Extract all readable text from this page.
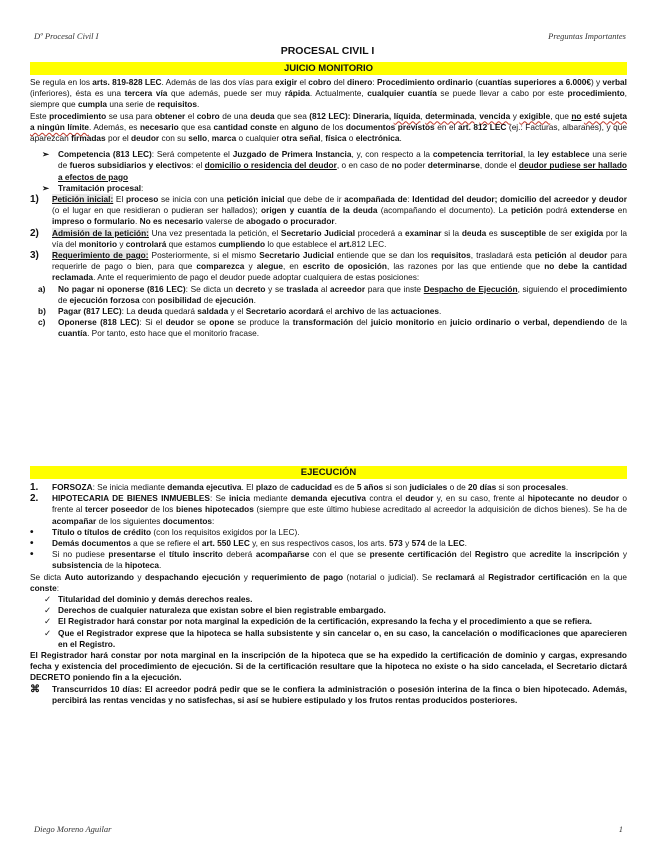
Dº Procesal Civil I	Preguntas Importantes
PROCESAL CIVIL I
JUICIO MONITORIO

Se regula en los arts. 819-828 LEC. Además de las dos vías para exigir el cobro del dinero: Procedimiento ordinario (cuantías superiores a 6.000€) y verbal (inferiores), ésta es una tercera vía que además, puede ser muy rápida. Actualmente, cualquier cuantía se puede llevar a cabo por este procedimiento, siempre que cumpla una serie de requisitos.

Este procedimiento se usa para obtener el cobro de una deuda que sea (812 LEC): Dineraria, líquida, determinada, vencida y exigible, que no esté sujeta a ningún límite. Además, es necesario que esa cantidad conste en alguno de los documentos previstos en el art. 812 LEC (ej.: Facturas, albaranes), y que aparezcan firmadas por el deudor con su sello, marca o cualquier otra señal, física o electrónica.

➢ Competencia (813 LEC): Será competente el Juzgado de Primera Instancia, y, con respecto a la competencia territorial, la ley establece una serie de fueros subsidiarios y electivos: el domicilio o residencia del deudor, o en caso de no poder determinarse, donde el deudor pudiese ser hallado a efectos de pago
➢ Tramitación procesal:
1) Petición inicial: El proceso se inicia con una petición inicial que debe de ir acompañada de: Identidad del deudor; domicilio del acreedor y deudor (o el lugar en que residieran o pudieran ser hallados); origen y cuantía de la deuda (acompañando el documento). La petición podrá extenderse en impreso o formulario. No es necesario valerse de abogado o procurador.
2) Admisión de la petición: Una vez presentada la petición, el Secretario Judicial procederá a examinar si la deuda es susceptible de ser exigida por la vía del monitorio y controlará que estamos cumpliendo lo que establece el art.812 LEC.
3) Requerimiento de pago: Posteriormente, si el mismo Secretario Judicial entiende que se dan los requisitos, trasladará esta petición al deudor para requerirle de pago o bien, para que comparezca y alegue, en escrito de oposición, las razones por las que entiende que no debe la cantidad reclamada. Ante el requerimiento de pago el deudor puede adoptar cualquiera de estas posiciones:
a) No pagar ni oponerse (816 LEC): Se dicta un decreto y se traslada al acreedor para que inste Despacho de Ejecución, siguiendo el procedimiento de ejecución forzosa con posibilidad de ejecución.
b) Pagar (817 LEC): La deuda quedará saldada y el Secretario acordará el archivo de las actuaciones.
c) Oponerse (818 LEC): Si el deudor se opone se produce la transformación del juicio monitorio en juicio ordinario o verbal, dependiendo de la cuantía. Por tanto, esto hace que el monitorio fracase.
EJECUCIÓN
1. FORSOZA: Se inicia mediante demanda ejecutiva. El plazo de caducidad es de 5 años si son judiciales o de 20 días si son procesales.
2. HIPOTECARIA DE BIENES INMUEBLES: Se inicia mediante demanda ejecutiva contra el deudor y, en su caso, frente al hipotecante no deudor o frente al tercer poseedor de los bienes hipotecados (siempre que este último hubiese acreditado al acreedor la adquisición de dichos bienes). Se ha de acompañar de los siguientes documentos:
• Título o títulos de crédito (con los requisitos exigidos por la LEC).
• Demás documentos a que se refiere el art. 550 LEC y, en sus respectivos casos, los arts. 573 y 574 de la LEC.
• Si no pudiese presentarse el título inscrito deberá acompañarse con el que se presente certificación del Registro que acredite la inscripción y subsistencia de la hipoteca.

Se dicta Auto autorizando y despachando ejecución y requerimiento de pago (notarial o judicial). Se reclamará al Registrador certificación en la que conste:

✓ Titularidad del dominio y demás derechos reales.
✓ Derechos de cualquier naturaleza que existan sobre el bien registrable embargado.
✓ El Registrador hará constar por nota marginal la expedición de la certificación, expresando la fecha y el procedimiento a que se refiera.
✓ Que el Registrador exprese que la hipoteca se halla subsistente y sin cancelar o, en su caso, la cancelación o modificaciones que aparecieren en el Registro.

El Registrador hará constar por nota marginal en la inscripción de la hipoteca que se ha expedido la certificación de dominio y cargas, expresando fecha y existencia del procedimiento de ejecución. Si de la certificación resultare que la hipoteca no existe o ha sido cancelada, el Secretario dictará DECRETO poniendo fin a la ejecución.

⌘ Transcurridos 10 días: El acreedor podrá pedir que se le confiera la administración o posesión interina de la finca o bien hipotecado. Además, percibirá las rentas vencidas y no satisfechas, si así se hubiere estipulado y los frutos rentas producidos posteriores.
Diego Moreno Aguilar	1
